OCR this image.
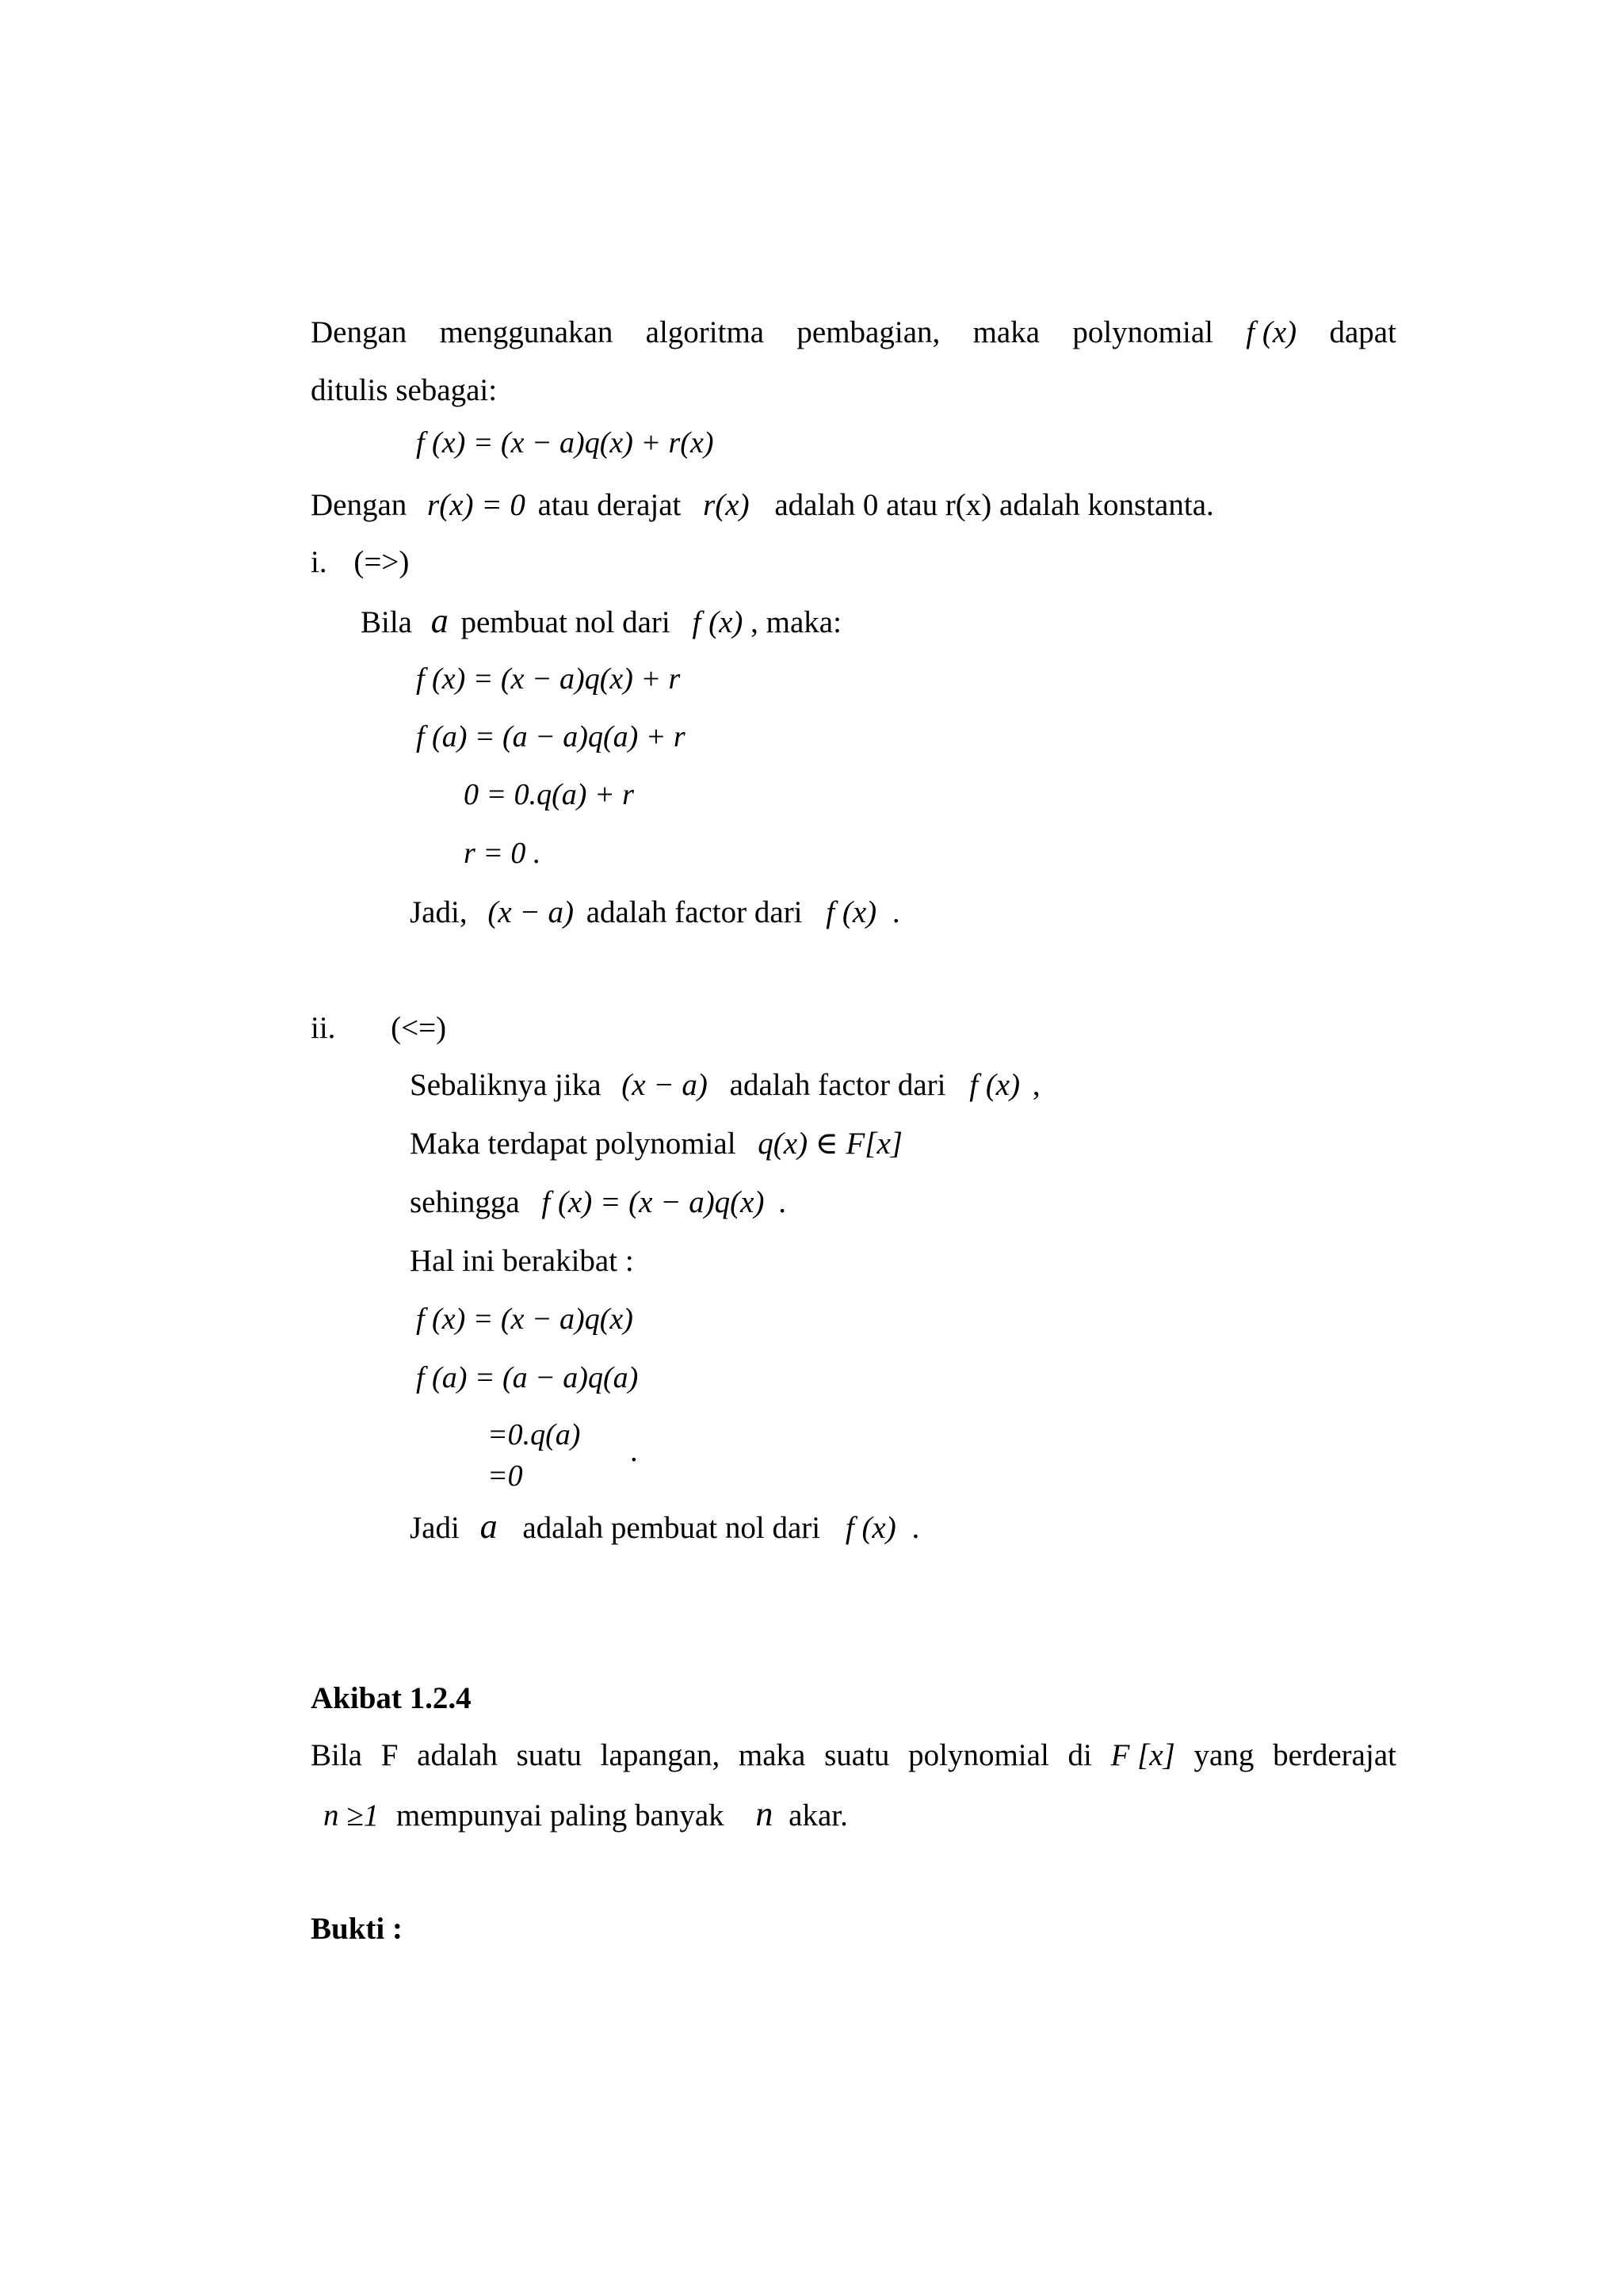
Dengan menggunakan algoritma pembagian, maka polynomial f (x) dapat
ditulis sebagai:
f (x) = (x − a)q(x) + r(x)
Dengan r(x) = 0 atau derajat r(x) adalah 0 atau r(x) adalah konstanta.
i. (=>)
Bila a pembuat nol dari f (x) , maka:
f (x) = (x − a)q(x) + r
f (a) = (a − a)q(a) + r
0 = 0.q(a) + r
r = 0 .
Jadi, (x − a) adalah factor dari f (x) .
ii. (<=)
Sebaliknya jika (x − a) adalah factor dari f (x) ,
Maka terdapat polynomial q(x) ∈ F[x]
sehingga f (x) = (x − a)q(x) .
Hal ini berakibat :
f (x) = (x − a)q(x)
f (a) = (a − a)q(a)
=0.q(a)
=0
.
Jadi a adalah pembuat nol dari f (x) .
Akibat 1.2.4
Bila F adalah suatu lapangan, maka suatu polynomial di F [x] yang berderajat
n ≥1 mempunyai paling banyak n akar.
Bukti :
